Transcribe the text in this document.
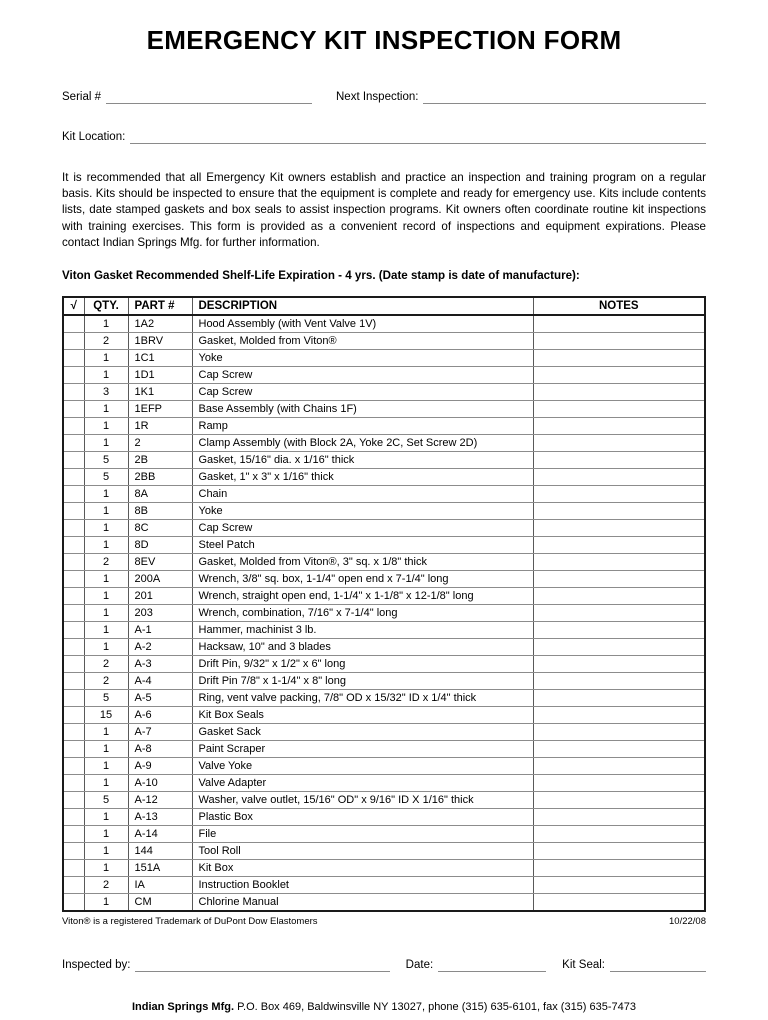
EMERGENCY KIT INSPECTION FORM
Serial #	Next Inspection:
Kit Location:

It is recommended that all Emergency Kit owners establish and practice an inspection and training program on a regular basis. Kits should be inspected to ensure that the equipment is complete and ready for emergency use. Kits include contents lists, date stamped gaskets and box seals to assist inspection programs. Kit owners often coordinate routine kit inspections with training exercises. This form is provided as a convenient record of inspections and equipment expirations. Please contact Indian Springs Mfg. for further information.

Viton Gasket Recommended Shelf-Life Expiration - 4 yrs. (Date stamp is date of manufacture):

√	QTY.	PART #	DESCRIPTION	NOTES
	1	1A2	Hood Assembly (with Vent Valve 1V)	
	2	1BRV	Gasket, Molded from Viton®	
	1	1C1	Yoke	
	1	1D1	Cap Screw	
	3	1K1	Cap Screw	
	1	1EFP	Base Assembly (with Chains 1F)	
	1	1R	Ramp	
	1	2	Clamp Assembly (with Block 2A, Yoke 2C, Set Screw 2D)	
	5	2B	Gasket, 15/16" dia. x 1/16" thick	
	5	2BB	Gasket, 1" x 3" x 1/16" thick	
	1	8A	Chain	
	1	8B	Yoke	
	1	8C	Cap Screw	
	1	8D	Steel Patch	
	2	8EV	Gasket, Molded from Viton®, 3" sq. x 1/8" thick	
	1	200A	Wrench, 3/8" sq. box, 1-1/4" open end x 7-1/4" long	
	1	201	Wrench, straight open end, 1-1/4" x 1-1/8" x 12-1/8" long	
	1	203	Wrench, combination, 7/16" x 7-1/4" long	
	1	A-1	Hammer, machinist 3 lb.	
	1	A-2	Hacksaw, 10" and 3 blades	
	2	A-3	Drift Pin, 9/32" x 1/2" x 6" long	
	2	A-4	Drift Pin 7/8" x 1-1/4" x 8" long	
	5	A-5	Ring, vent valve packing, 7/8" OD x 15/32" ID x 1/4" thick	
	15	A-6	Kit Box Seals	
	1	A-7	Gasket Sack	
	1	A-8	Paint Scraper	
	1	A-9	Valve Yoke	
	1	A-10	Valve Adapter	
	5	A-12	Washer, valve outlet, 15/16" OD" x 9/16" ID X 1/16" thick	
	1	A-13	Plastic Box	
	1	A-14	File	
	1	144	Tool Roll	
	1	151A	Kit Box	
	2	IA	Instruction Booklet	
	1	CM	Chlorine Manual	
Viton® is a registered Trademark of DuPont Dow Elastomers	10/22/08
Inspected by:	Date:	Kit Seal:
Indian Springs Mfg. P.O. Box 469, Baldwinsville NY 13027, phone (315) 635-6101, fax (315) 635-7473
